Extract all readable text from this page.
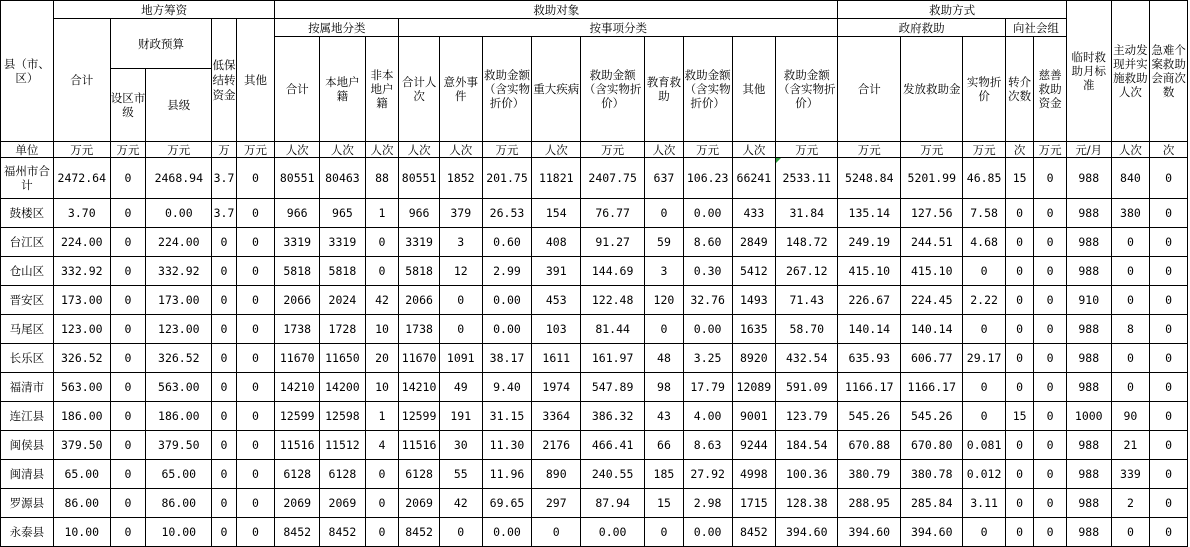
县（市、区）	地方筹资					救助对象												救助方式					临时救助月标准	主动发现并实施救助人次	急难个案救助会商次数
	合计	财政预算		低保结转资金	其他	按属地分类			按事项分类									政府救助			向社会组				
						合计	本地户籍	非本地户籍	合计人次	意外事件	救助金额（含实物折价）	重大疾病	救助金额（含实物折价）	教育救助	救助金额（含实物折价）	其他	救助金额（含实物折价）	合计	发放救助金	实物折价	转介次数	慈善救助资金			
		设区市级	县级																						
单位	万元	万元	万元	万	万元	人次	人次	人次	人次	人次	万元	人次	万元	人次	万元	人次	万元	万元	万元	万元	次	万元	元/月	人次	次
福州市合计	2472.64	0	2468.94	3.7	0	80551	80463	88	80551	1852	201.75	11821	2407.75	637	106.23	66241	2533.11	5248.84	5201.99	46.85	15	0	988	840	0
鼓楼区	3.70	0	0.00	3.7	0	966	965	1	966	379	26.53	154	76.77	0	0.00	433	31.84	135.14	127.56	7.58	0	0	988	380	0
台江区	224.00	0	224.00	0	0	3319	3319	0	3319	3	0.60	408	91.27	59	8.60	2849	148.72	249.19	244.51	4.68	0	0	988	0	0
仓山区	332.92	0	332.92	0	0	5818	5818	0	5818	12	2.99	391	144.69	3	0.30	5412	267.12	415.10	415.10	0	0	0	988	0	0
晋安区	173.00	0	173.00	0	0	2066	2024	42	2066	0	0.00	453	122.48	120	32.76	1493	71.43	226.67	224.45	2.22	0	0	910	0	0
马尾区	123.00	0	123.00	0	0	1738	1728	10	1738	0	0.00	103	81.44	0	0.00	1635	58.70	140.14	140.14	0	0	0	988	8	0
长乐区	326.52	0	326.52	0	0	11670	11650	20	11670	1091	38.17	1611	161.97	48	3.25	8920	432.54	635.93	606.77	29.17	0	0	988	0	0
福清市	563.00	0	563.00	0	0	14210	14200	10	14210	49	9.40	1974	547.89	98	17.79	12089	591.09	1166.17	1166.17	0	0	0	988	0	0
连江县	186.00	0	186.00	0	0	12599	12598	1	12599	191	31.15	3364	386.32	43	4.00	9001	123.79	545.26	545.26	0	15	0	1000	90	0
闽侯县	379.50	0	379.50	0	0	11516	11512	4	11516	30	11.30	2176	466.41	66	8.63	9244	184.54	670.88	670.80	0.081	0	0	988	21	0
闽清县	65.00	0	65.00	0	0	6128	6128	0	6128	55	11.96	890	240.55	185	27.92	4998	100.36	380.79	380.78	0.012	0	0	988	339	0
罗源县	86.00	0	86.00	0	0	2069	2069	0	2069	42	69.65	297	87.94	15	2.98	1715	128.38	288.95	285.84	3.11	0	0	988	2	0
永泰县	10.00	0	10.00	0	0	8452	8452	0	8452	0	0.00	0	0.00	0	0.00	8452	394.60	394.60	394.60	0	0	0	988	0	0
